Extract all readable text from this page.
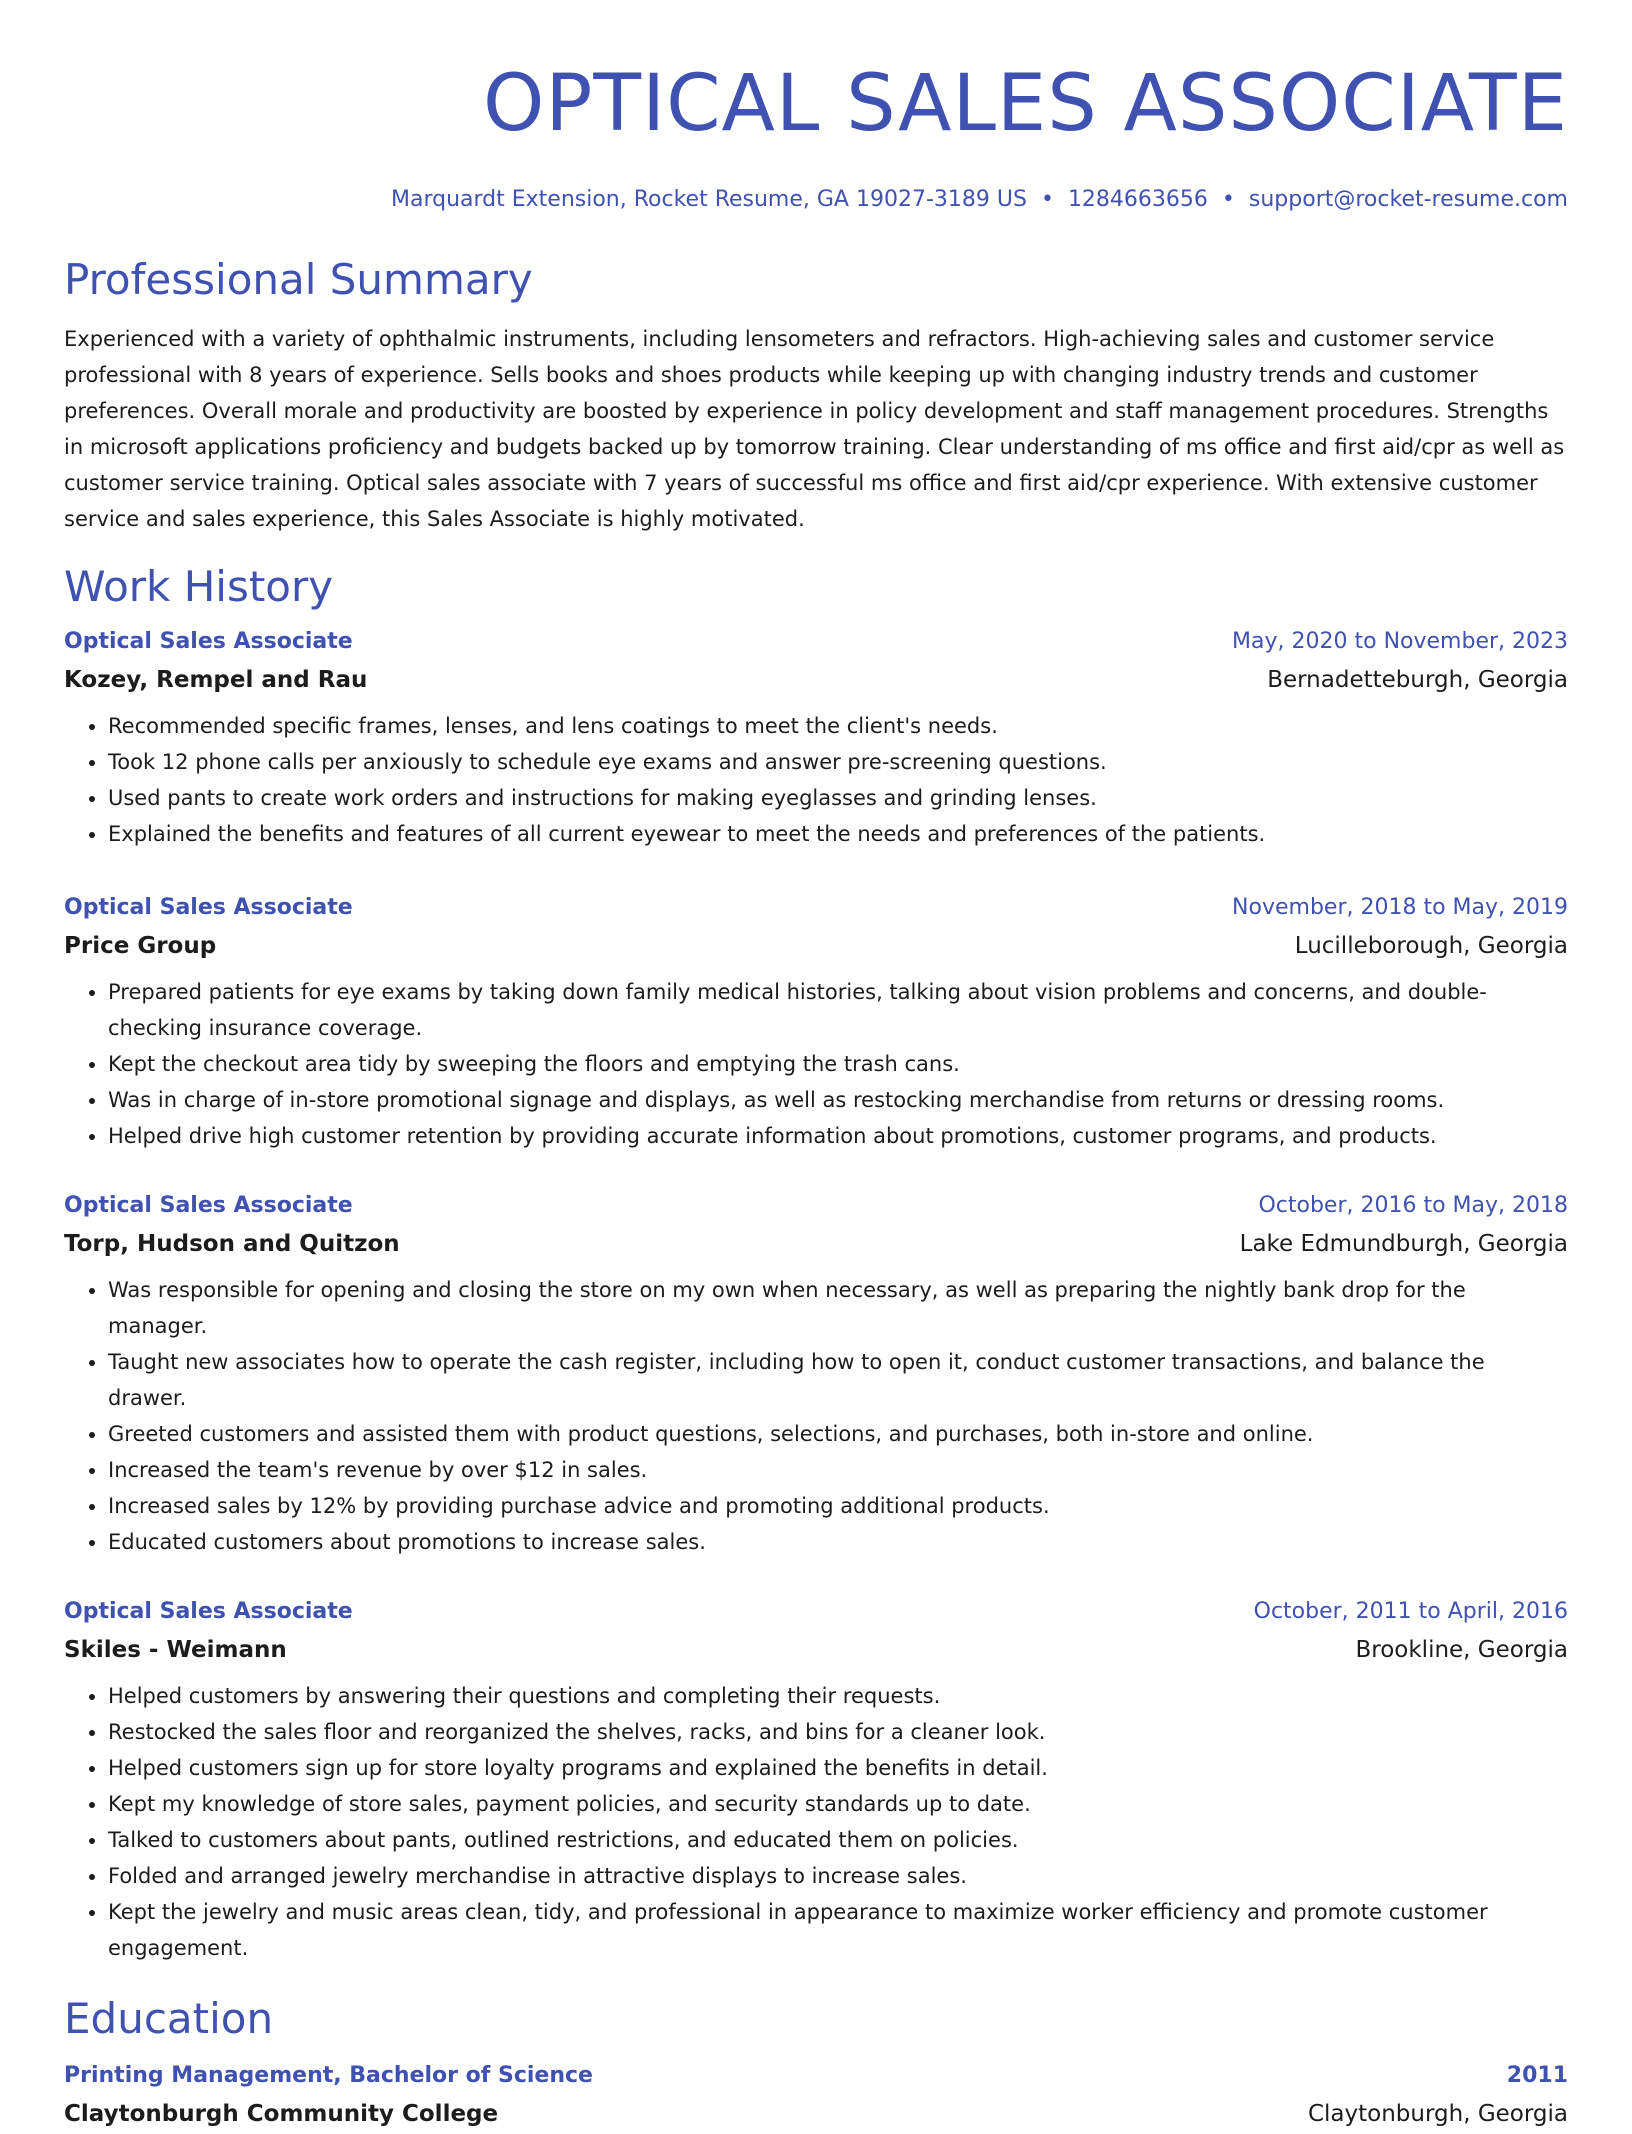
OPTICAL SALES ASSOCIATE
Marquardt Extension, Rocket Resume, GA 19027-3189 US • 1284663656 • support@rocket-resume.com
Professional Summary
Experienced with a variety of ophthalmic instruments, including lensometers and refractors. High-achieving sales and customer service professional with 8 years of experience. Sells books and shoes products while keeping up with changing industry trends and customer preferences. Overall morale and productivity are boosted by experience in policy development and staff management procedures. Strengths in microsoft applications proficiency and budgets backed up by tomorrow training. Clear understanding of ms office and first aid/cpr as well as customer service training. Optical sales associate with 7 years of successful ms office and first aid/cpr experience. With extensive customer service and sales experience, this Sales Associate is highly motivated.
Work History
Optical Sales Associate	May, 2020 to November, 2023
Kozey, Rempel and Rau	Bernadetteburgh, Georgia
• Recommended specific frames, lenses, and lens coatings to meet the client's needs.
• Took 12 phone calls per anxiously to schedule eye exams and answer pre-screening questions.
• Used pants to create work orders and instructions for making eyeglasses and grinding lenses.
• Explained the benefits and features of all current eyewear to meet the needs and preferences of the patients.
Optical Sales Associate	November, 2018 to May, 2019
Price Group	Lucilleborough, Georgia
• Prepared patients for eye exams by taking down family medical histories, talking about vision problems and concerns, and double-checking insurance coverage.
• Kept the checkout area tidy by sweeping the floors and emptying the trash cans.
• Was in charge of in-store promotional signage and displays, as well as restocking merchandise from returns or dressing rooms.
• Helped drive high customer retention by providing accurate information about promotions, customer programs, and products.
Optical Sales Associate	October, 2016 to May, 2018
Torp, Hudson and Quitzon	Lake Edmundburgh, Georgia
• Was responsible for opening and closing the store on my own when necessary, as well as preparing the nightly bank drop for the manager.
• Taught new associates how to operate the cash register, including how to open it, conduct customer transactions, and balance the drawer.
• Greeted customers and assisted them with product questions, selections, and purchases, both in-store and online.
• Increased the team's revenue by over $12 in sales.
• Increased sales by 12% by providing purchase advice and promoting additional products.
• Educated customers about promotions to increase sales.
Optical Sales Associate	October, 2011 to April, 2016
Skiles - Weimann	Brookline, Georgia
• Helped customers by answering their questions and completing their requests.
• Restocked the sales floor and reorganized the shelves, racks, and bins for a cleaner look.
• Helped customers sign up for store loyalty programs and explained the benefits in detail.
• Kept my knowledge of store sales, payment policies, and security standards up to date.
• Talked to customers about pants, outlined restrictions, and educated them on policies.
• Folded and arranged jewelry merchandise in attractive displays to increase sales.
• Kept the jewelry and music areas clean, tidy, and professional in appearance to maximize worker efficiency and promote customer engagement.
Education
Printing Management, Bachelor of Science	2011
Claytonburgh Community College	Claytonburgh, Georgia
